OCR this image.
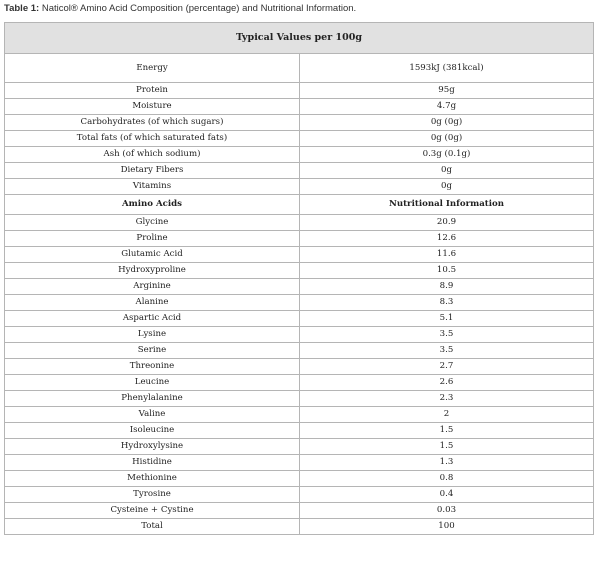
Table 1: Naticol® Amino Acid Composition (percentage) and Nutritional Information.
Typical Values per 100g	
Energy	1593kJ (381kcal)
Protein	95g
Moisture	4.7g
Carbohydrates (of which sugars)	0g (0g)
Total fats (of which saturated fats)	0g (0g)
Ash (of which sodium)	0.3g (0.1g)
Dietary Fibers	0g
Vitamins	0g
Amino Acids	Nutritional Information
Glycine	20.9
Proline	12.6
Glutamic Acid	11.6
Hydroxyproline	10.5
Arginine	8.9
Alanine	8.3
Aspartic Acid	5.1
Lysine	3.5
Serine	3.5
Threonine	2.7
Leucine	2.6
Phenylalanine	2.3
Valine	2
Isoleucine	1.5
Hydroxylysine	1.5
Histidine	1.3
Methionine	0.8
Tyrosine	0.4
Cysteine + Cystine	0.03
Total	100
